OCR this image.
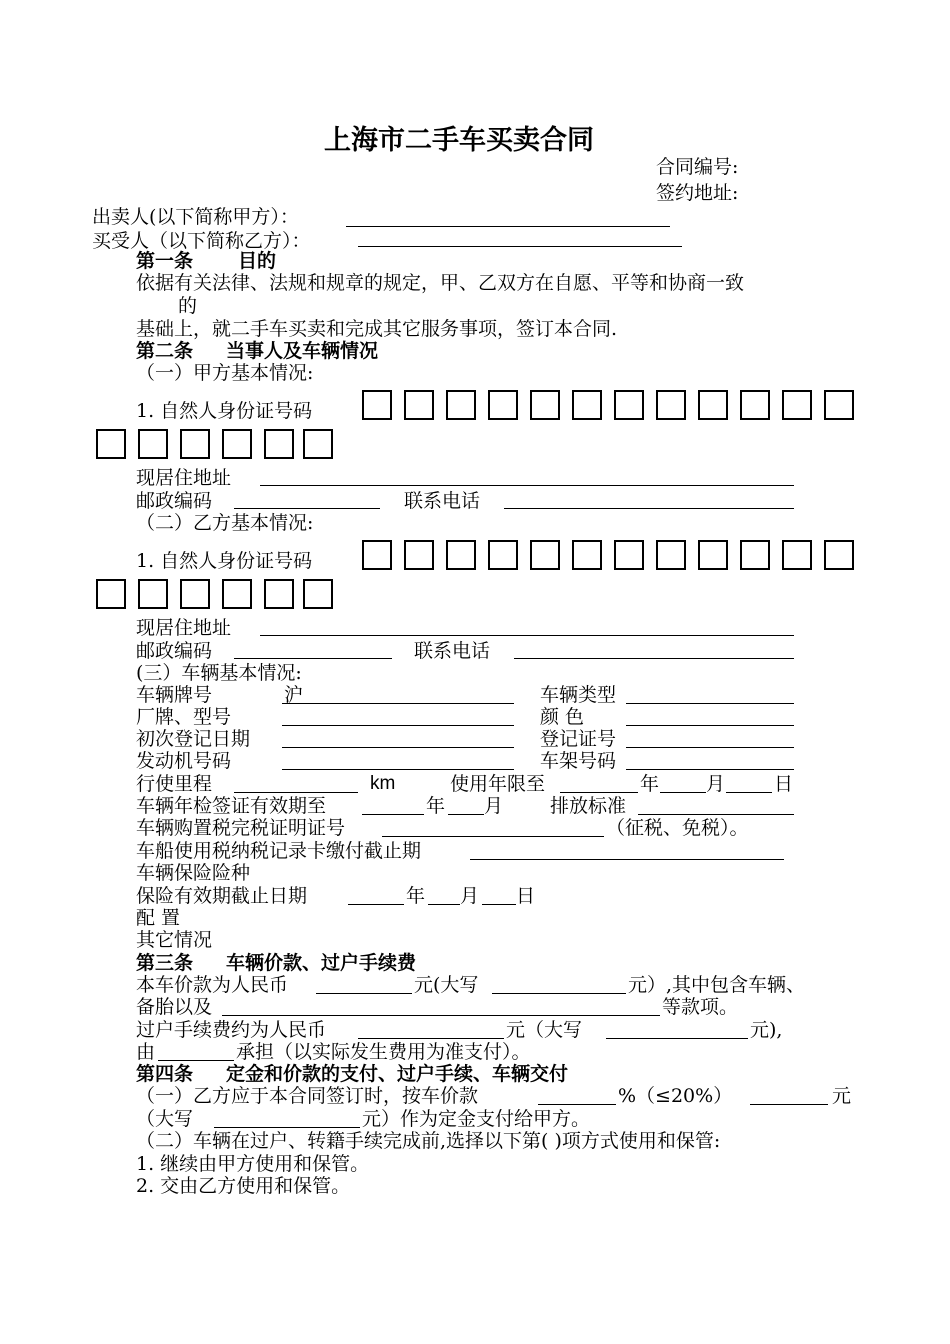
上海市二手车买卖合同
合同编号:
签约地址:
出卖人(以下简称甲方）：
买受人（以下简称乙方）：
第一条 目的
依据有关法律、法规和规章的规定，甲、乙双方在自愿、平等和协商一致
的
基础上，就二手车买卖和完成其它服务事项，签订本合同.
第二条 当事人及车辆情况
（一）甲方基本情况:
1. 自然人身份证号码
现居住地址
邮政编码	联系电话
（二）乙方基本情况:
1. 自然人身份证号码
现居住地址
邮政编码	联系电话
(三）车辆基本情况:
车辆牌号	沪	车辆类型
厂牌、型号	颜 色
初次登记日期	登记证号
发动机号码	车架号码
行使里程	km	使用年限至	年 月	日
车辆年检签证有效期至	年 月 排放标准
车辆购置税完税证明证号	（征税、免税）。
车船使用税纳税记录卡缴付截止期
车辆保险险种
保险有效期截止日期	年 月 日
配 置
其它情况
第三条 车辆价款、过户手续费
本车价款为人民币	元(大写	元）,其中包含车辆、
备胎以及	等款项。
过户手续费约为人民币	元（大写	元),
由	承担（以实际发生费用为准支付）。
第四条 定金和价款的支付、过户手续、车辆交付
（一）乙方应于本合同签订时，按车价款	%（≤20%）	元
（大写	元）作为定金支付给甲方。
（二）车辆在过户、转籍手续完成前,选择以下第( )项方式使用和保管:
1. 继续由甲方使用和保管。
2. 交由乙方使用和保管。
